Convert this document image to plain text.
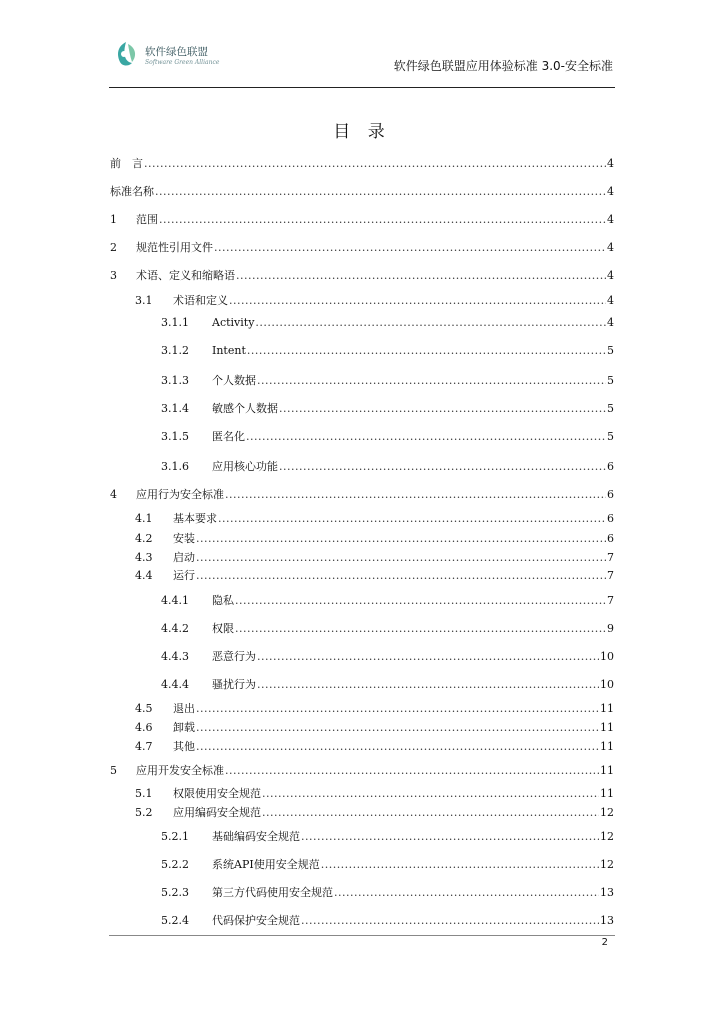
软件绿色联盟
Software Green Alliance	软件绿色联盟应用体验标准 3.0-安全标准
目 录
前　言 .....	4
标准名称 .....	4
1	范围 .....	4
2	规范性引用文件 .....	4
3	术语、定义和缩略语 .....	4
3.1	术语和定义 .....	4
3.1.1	Activity .....	4
3.1.2	Intent .....	5
3.1.3	个人数据 .....	5
3.1.4	敏感个人数据 .....	5
3.1.5	匿名化 .....	5
3.1.6	应用核心功能 .....	6
4	应用行为安全标准 .....	6
4.1	基本要求 .....	6
4.2	安装 .....	6
4.3	启动 .....	7
4.4	运行 .....	7
4.4.1	隐私 .....	7
4.4.2	权限 .....	9
4.4.3	恶意行为 .....	10
4.4.4	骚扰行为 .....	10
4.5	退出 .....	11
4.6	卸载 .....	11
4.7	其他 .....	11
5	应用开发安全标准 .....	11
5.1	权限使用安全规范 .....	11
5.2	应用编码安全规范 .....	12
5.2.1	基础编码安全规范 .....	12
5.2.2	系统API使用安全规范 .....	12
5.2.3	第三方代码使用安全规范 .....	13
5.2.4	代码保护安全规范 .....	13
2
